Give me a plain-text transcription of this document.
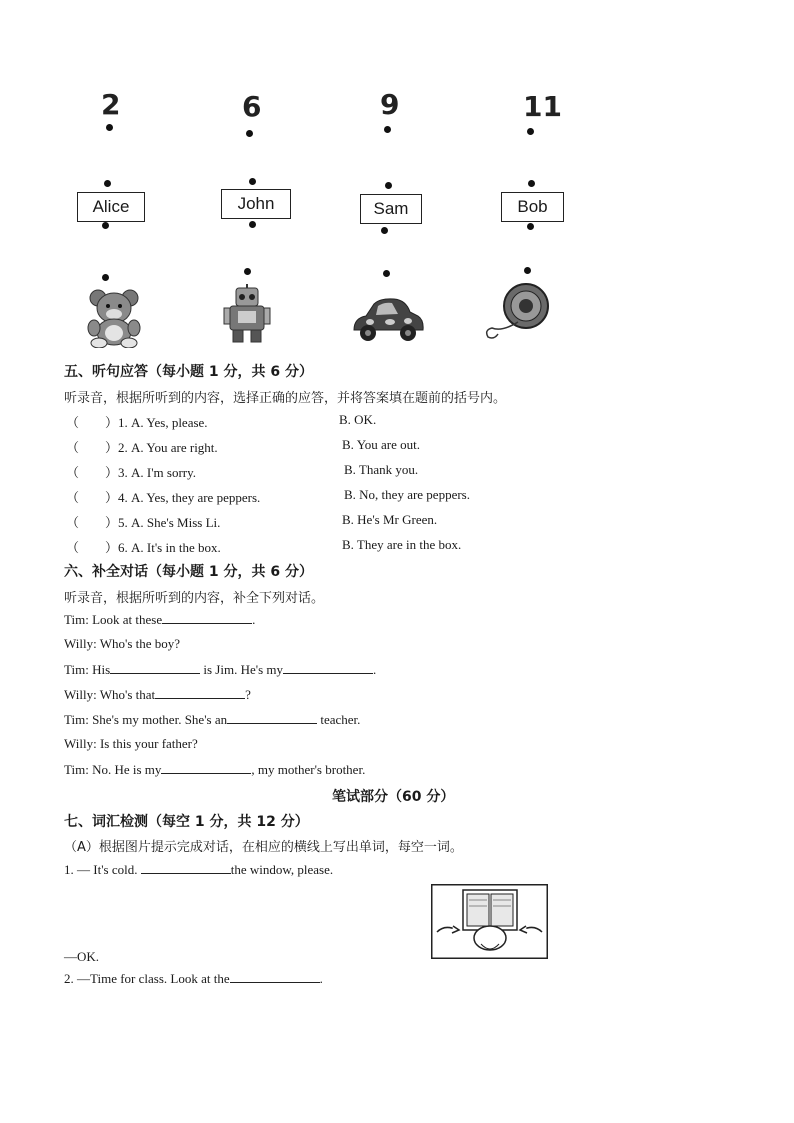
2	6	9	11
Alice	John	Sam	Bob
五、听句应答（每小题 1 分，共 6 分）
听录音，根据所听到的内容，选择正确的应答，并将答案填在题前的括号内。
（　　）1. A. Yes, please.	B. OK.
（　　）2. A. You are right.	B. You are out.
（　　）3. A. I'm sorry.	B. Thank you.
（　　）4. A. Yes, they are peppers.	B. No, they are peppers.
（　　）5. A. She's Miss Li.	B. He's Mr Green.
（　　）6. A. It's in the box.	B. They are in the box.
六、补全对话（每小题 1 分，共 6 分）
听录音，根据所听到的内容，补全下列对话。
Tim: Look at these	.
Willy: Who's the boy?
Tim: His	is Jim. He's my	.
Willy: Who's that	?
Tim: She's my mother. She's an	teacher.
Willy: Is this your father?
Tim: No. He is my	, my mother's brother.
笔试部分（60 分）
七、词汇检测（每空 1 分，共 12 分）
（A）根据图片提示完成对话，在相应的横线上写出单词，每空一词。
1. — It's cold.	the window, please.
—OK.
2. —Time for class. Look at the	.
